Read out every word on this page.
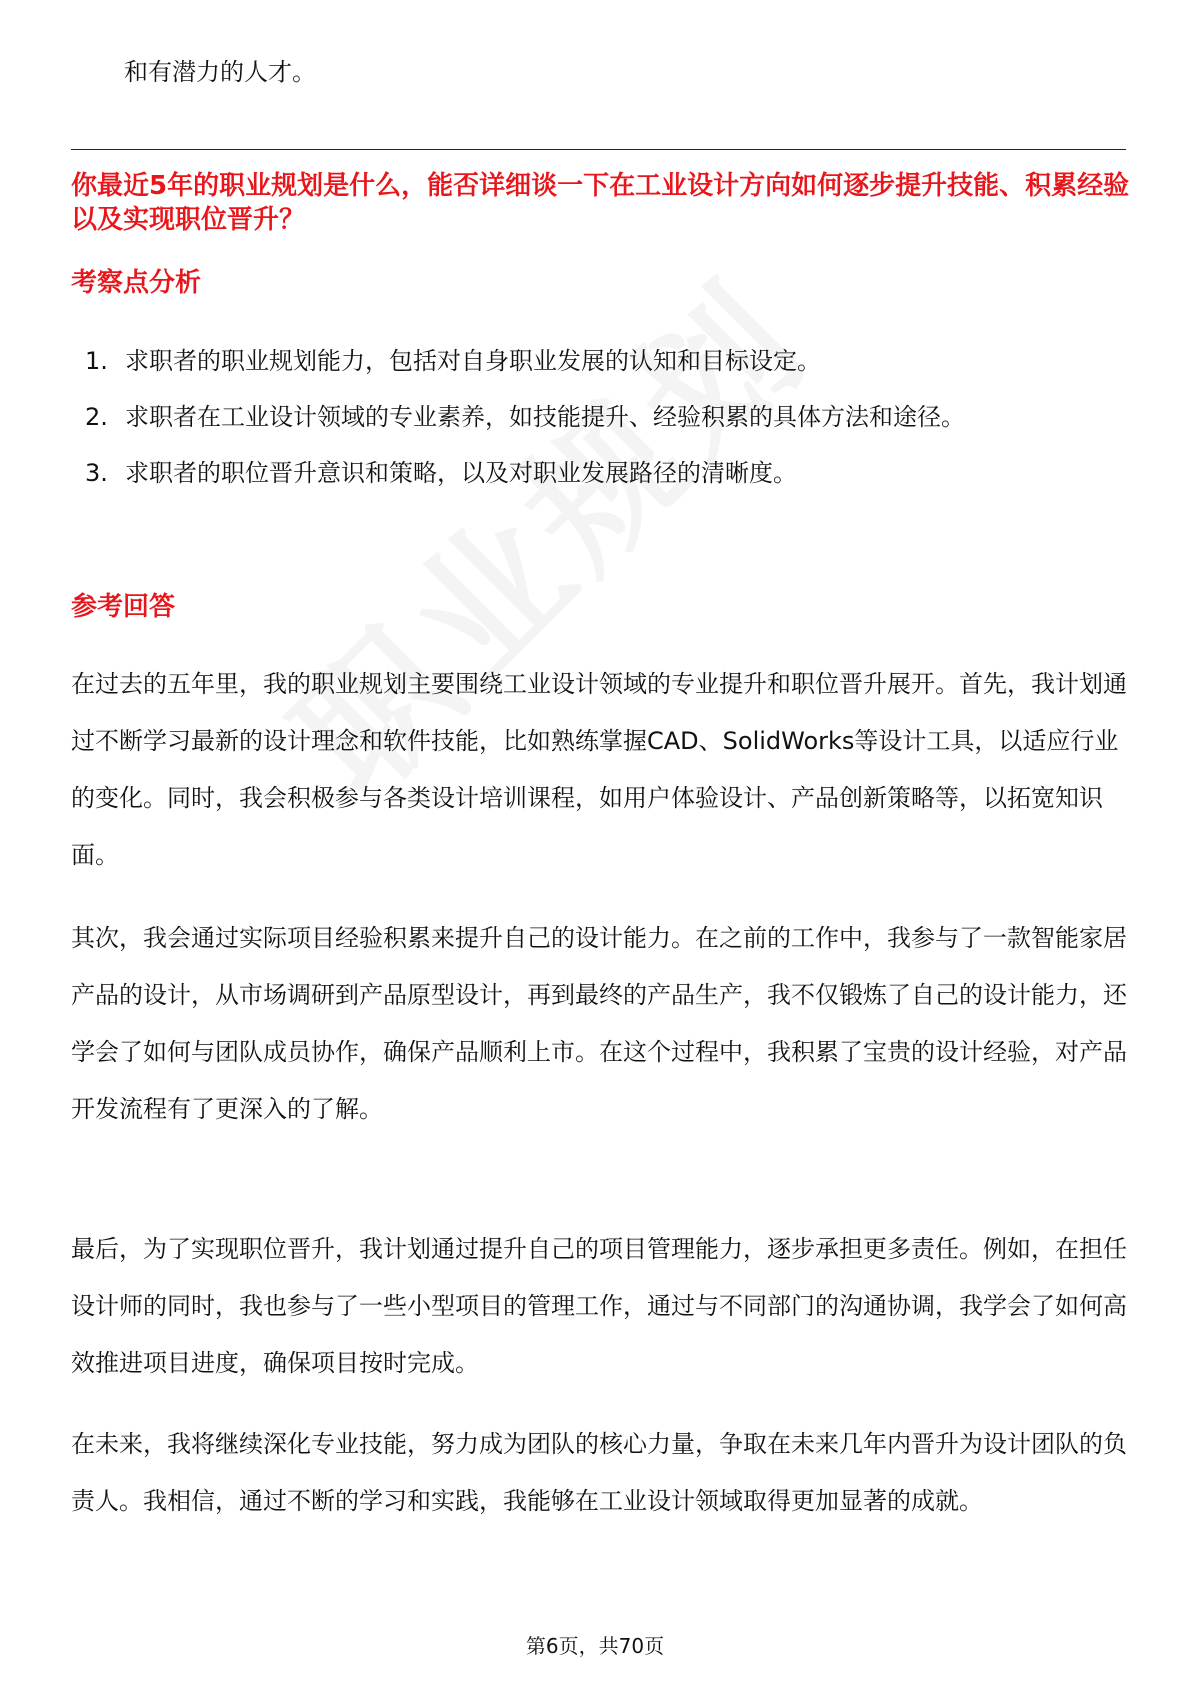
和有潜力的人才。
你最近5年的职业规划是什么，能否详细谈一下在工业设计方向如何逐步提升技能、积累经验以及实现职位晋升？
考察点分析
1. 求职者的职业规划能力，包括对自身职业发展的认知和目标设定。
2. 求职者在工业设计领域的专业素养，如技能提升、经验积累的具体方法和途径。
3. 求职者的职位晋升意识和策略，以及对职业发展路径的清晰度。
参考回答

在过去的五年里，我的职业规划主要围绕工业设计领域的专业提升和职位晋升展开。首先，我计划通过不断学习最新的设计理念和软件技能，比如熟练掌握CAD、SolidWorks等设计工具，以适应行业的变化。同时，我会积极参与各类设计培训课程，如用户体验设计、产品创新策略等，以拓宽知识面。

其次，我会通过实际项目经验积累来提升自己的设计能力。在之前的工作中，我参与了一款智能家居产品的设计，从市场调研到产品原型设计，再到最终的产品生产，我不仅锻炼了自己的设计能力，还学会了如何与团队成员协作，确保产品顺利上市。在这个过程中，我积累了宝贵的设计经验，对产品开发流程有了更深入的了解。

最后，为了实现职位晋升，我计划通过提升自己的项目管理能力，逐步承担更多责任。例如，在担任设计师的同时，我也参与了一些小型项目的管理工作，通过与不同部门的沟通协调，我学会了如何高效推进项目进度，确保项目按时完成。

在未来，我将继续深化专业技能，努力成为团队的核心力量，争取在未来几年内晋升为设计团队的负责人。我相信，通过不断的学习和实践，我能够在工业设计领域取得更加显著的成就。

第6页，共70页
